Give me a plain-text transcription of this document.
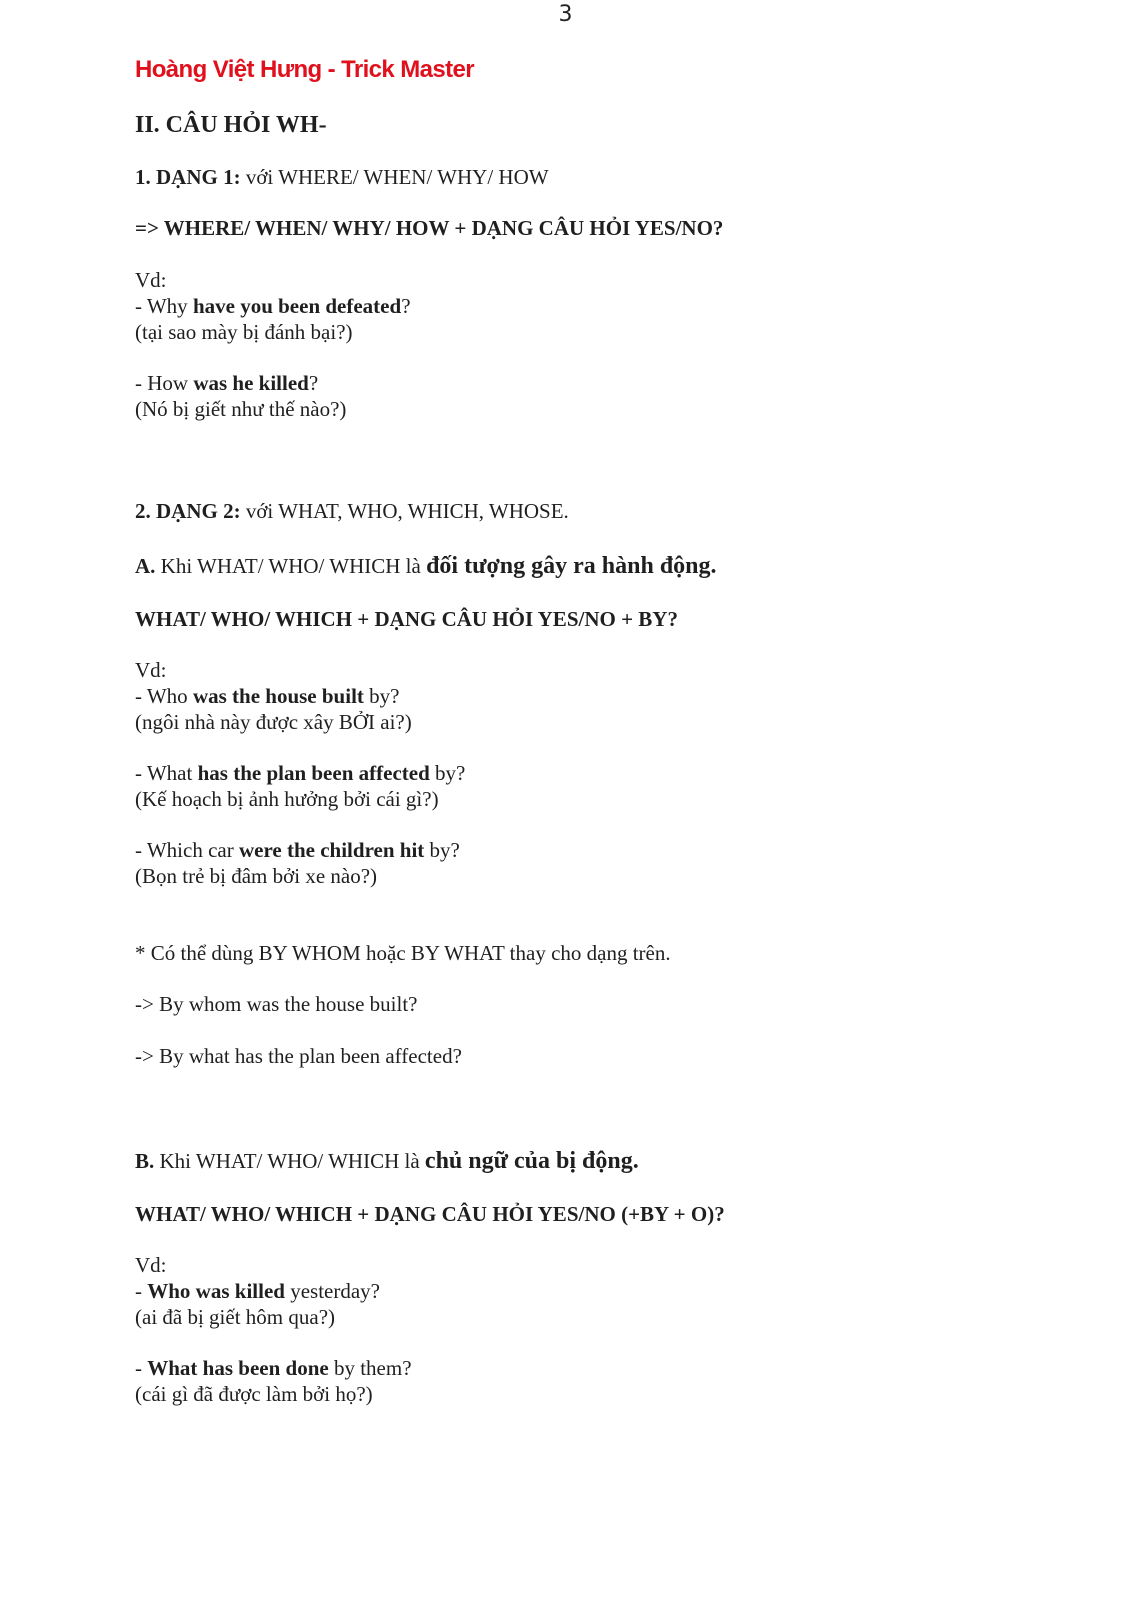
3
Hoàng Việt Hưng - Trick Master
II. CÂU HỎI WH-
1. DẠNG 1: với WHERE/ WHEN/ WHY/ HOW
=> WHERE/ WHEN/ WHY/ HOW + DẠNG CÂU HỎI YES/NO?
Vd:
- Why have you been defeated?
(tại sao mày bị đánh bại?)
- How was he killed?
(Nó bị giết như thế nào?)
2. DẠNG 2: với WHAT, WHO, WHICH, WHOSE.
A. Khi WHAT/ WHO/ WHICH là đối tượng gây ra hành động.
WHAT/ WHO/ WHICH + DẠNG CÂU HỎI YES/NO + BY?
Vd:
- Who was the house built by?
(ngôi nhà này được xây BỞI ai?)
- What has the plan been affected by?
(Kế hoạch bị ảnh hưởng bởi cái gì?)
- Which car were the children hit by?
(Bọn trẻ bị đâm bởi xe nào?)
* Có thể dùng BY WHOM hoặc BY WHAT thay cho dạng trên.
-> By whom was the house built?
-> By what has the plan been affected?
B. Khi WHAT/ WHO/ WHICH là chủ ngữ của bị động.
WHAT/ WHO/ WHICH + DẠNG CÂU HỎI YES/NO (+BY + O)?
Vd:
- Who was killed yesterday?
(ai đã bị giết hôm qua?)
- What has been done by them?
(cái gì đã được làm bởi họ?)
